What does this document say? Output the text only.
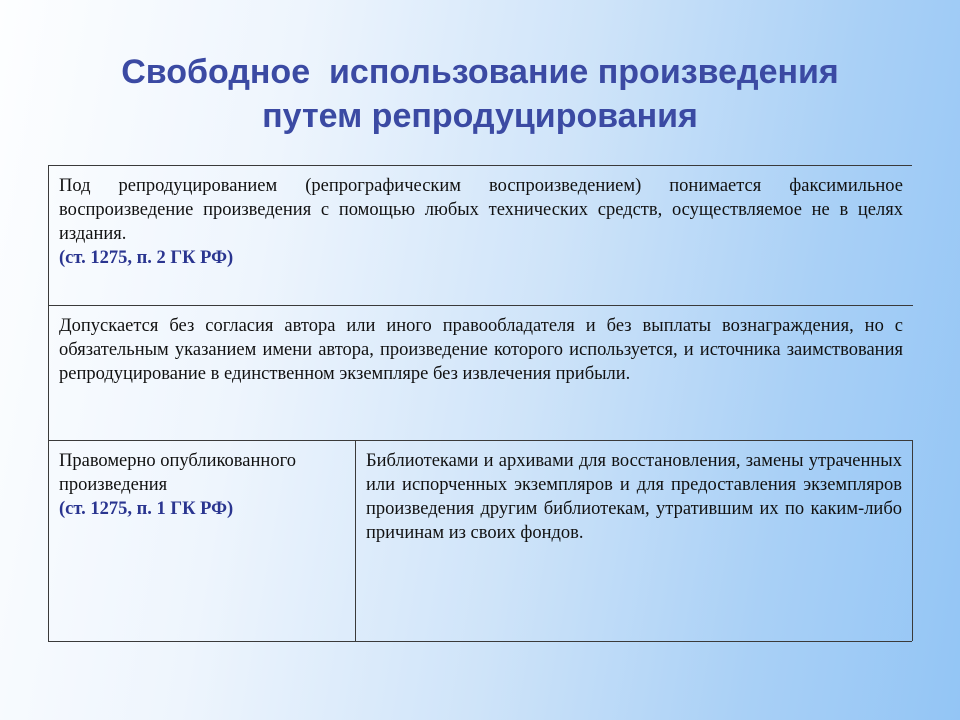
Свободное  использование произведения
путем репродуцирования
Под репродуцированием (репрографическим воспроизведением) понимается факсимильное воспроизведение произведения с помощью любых технических средств, осуществляемое не в целях издания.
(ст. 1275, п. 2 ГК РФ)
Допускается без согласия автора или иного правообладателя и без выплаты вознаграждения, но с обязательным указанием имени автора, произведение которого используется, и источника заимствования репродуцирование в единственном экземпляре без извлечения прибыли.
Правомерно опубликованного произведения
(ст. 1275, п. 1 ГК РФ)
Библиотеками и архивами для восстановления, замены утраченных или испорченных экземпляров и для предоставления экземпляров произведения другим библиотекам, утратившим их по каким-либо причинам из своих фондов.
